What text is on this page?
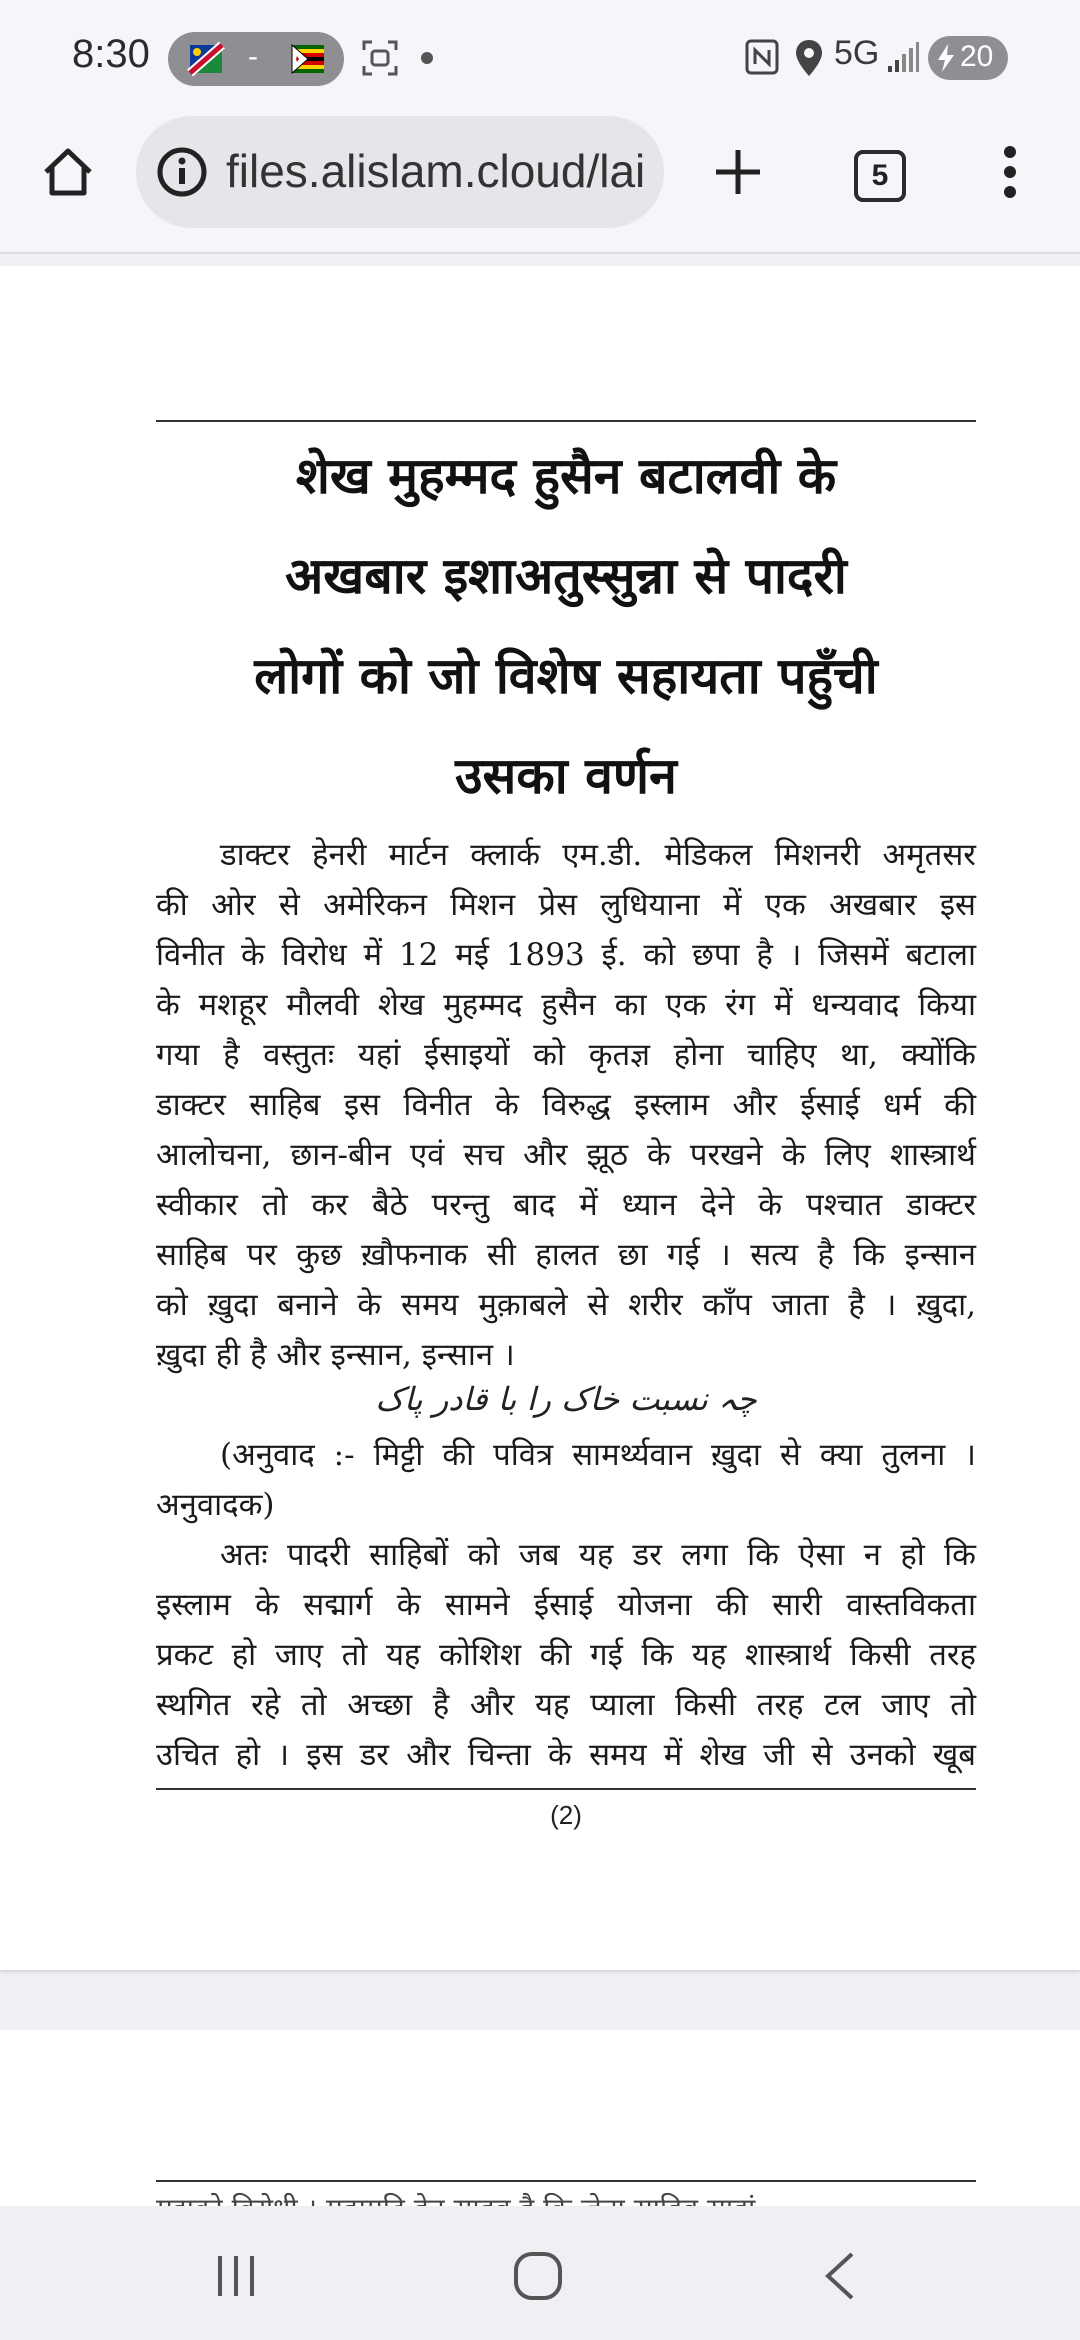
8:30	-	5G	20
files.alislam.cloud/lai	5
शेख मुहम्मद हुसैन बटालवी के
अखबार इशाअतुस्सुन्ना से पादरी
लोगों को जो विशेष सहायता पहुँची
उसका वर्णन
डाक्टर हेनरी मार्टन क्लार्क एम.डी. मेडिकल मिशनरी अमृतसर
की ओर से अमेरिकन मिशन प्रेस लुधियाना में एक अखबार इस
विनीत के विरोध में 12 मई 1893 ई. को छपा है । जिसमें बटाला
के मशहूर मौलवी शेख मुहम्मद हुसैन का एक रंग में धन्यवाद किया
गया है वस्तुतः यहां ईसाइयों को कृतज्ञ होना चाहिए था, क्योंकि
डाक्टर साहिब इस विनीत के विरुद्ध इस्लाम और ईसाई धर्म की
आलोचना, छान-बीन एवं सच और झूठ के परखने के लिए शास्त्रार्थ
स्वीकार तो कर बैठे परन्तु बाद में ध्यान देने के पश्चात डाक्टर
साहिब पर कुछ ख़ौफनाक सी हालत छा गई । सत्य है कि इन्सान
को ख़ुदा बनाने के समय मुक़ाबले से शरीर काँप जाता है । ख़ुदा,
ख़ुदा ही है और इन्सान, इन्सान ।
چہ نسبت خاک را با قادر پاک
(अनुवाद :- मिट्टी की पवित्र सामर्थ्यवान ख़ुदा से क्या तुलना ।
अनुवादक)
अतः पादरी साहिबों को जब यह डर लगा कि ऐसा न हो कि
इस्लाम के सद्मार्ग के सामने ईसाई योजना की सारी वास्तविकता
प्रकट हो जाए तो यह कोशिश की गई कि यह शास्त्रार्थ किसी तरह
स्थगित रहे तो अच्छा है और यह प्याला किसी तरह टल जाए तो
उचित हो । इस डर और चिन्ता के समय में शेख जी से उनको खूब
(2)
